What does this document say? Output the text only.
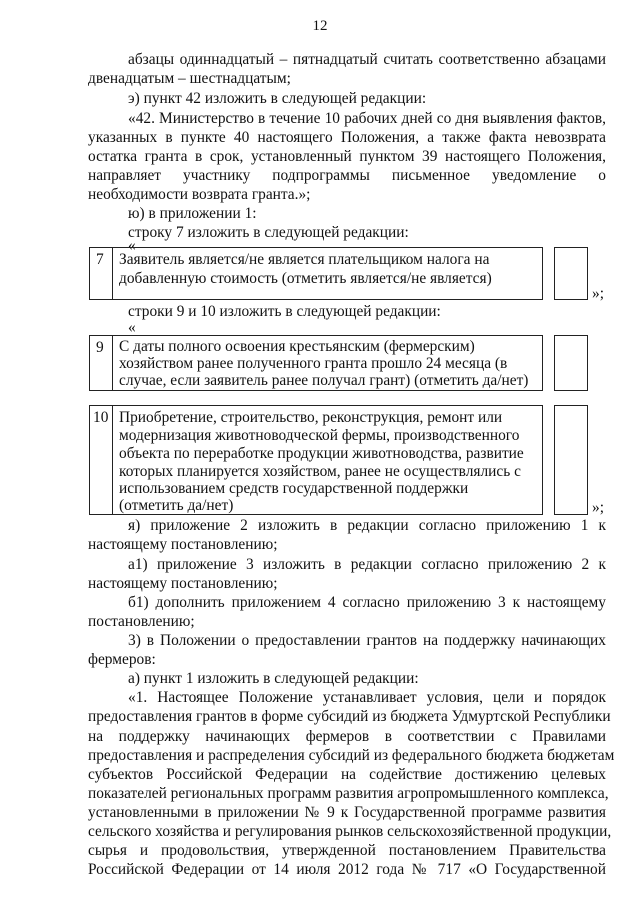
12
абзацы одиннадцатый – пятнадцатый считать соответственно абзацами
двенадцатым – шестнадцатым;
э) пункт 42 изложить в следующей редакции:
«42. Министерство в течение 10 рабочих дней со дня выявления фактов,
указанных в пункте 40 настоящего Положения, а также факта невозврата
остатка гранта в срок, установленный пунктом 39 настоящего Положения,
направляет участнику подпрограммы письменное уведомление о
необходимости возврата гранта.»;
ю) в приложении 1:
строку 7 изложить в следующей редакции:
«
7 Заявитель является/не является плательщиком налога на
добавленную стоимость (отметить является/не является)
»;
строки 9 и 10 изложить в следующей редакции:
«
9 С даты полного освоения крестьянским (фермерским)
хозяйством ранее полученного гранта прошло 24 месяца (в
случае, если заявитель ранее получал грант) (отметить да/нет)
10 Приобретение, строительство, реконструкция, ремонт или
модернизация животноводческой фермы, производственного
объекта по переработке продукции животноводства, развитие
которых планируется хозяйством, ранее не осуществлялись с
использованием средств государственной поддержки
(отметить да/нет)	»;
я) приложение 2 изложить в редакции согласно приложению 1 к
настоящему постановлению;
а1) приложение 3 изложить в редакции согласно приложению 2 к
настоящему постановлению;
б1) дополнить приложением 4 согласно приложению 3 к настоящему
постановлению;
3) в Положении о предоставлении грантов на поддержку начинающих
фермеров:
а) пункт 1 изложить в следующей редакции:
«1. Настоящее Положение устанавливает условия, цели и порядок
предоставления грантов в форме субсидий из бюджета Удмуртской Республики
на поддержку начинающих фермеров в соответствии с Правилами
предоставления и распределения субсидий из федерального бюджета бюджетам
субъектов Российской Федерации на содействие достижению целевых
показателей региональных программ развития агропромышленного комплекса,
установленными в приложении № 9 к Государственной программе развития
сельского хозяйства и регулирования рынков сельскохозяйственной продукции,
сырья и продовольствия, утвержденной постановлением Правительства
Российской Федерации от 14 июля 2012 года № 717 «О Государственной
